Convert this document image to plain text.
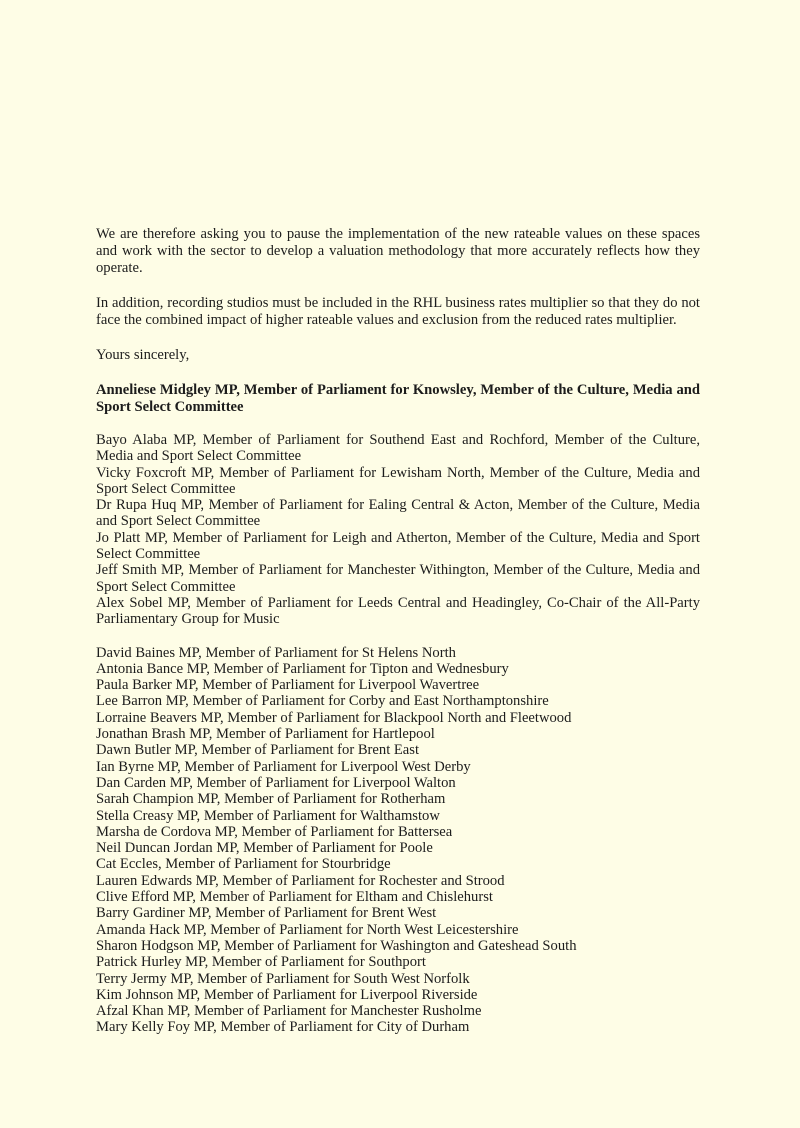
We are therefore asking you to pause the implementation of the new rateable values on these spaces and work with the sector to develop a valuation methodology that more accurately reflects how they operate.

In addition, recording studios must be included in the RHL business rates multiplier so that they do not face the combined impact of higher rateable values and exclusion from the reduced rates multiplier.

Yours sincerely,

Anneliese Midgley MP, Member of Parliament for Knowsley, Member of the Culture, Media and Sport Select Committee

Bayo Alaba MP, Member of Parliament for Southend East and Rochford, Member of the Culture, Media and Sport Select Committee
Vicky Foxcroft MP, Member of Parliament for Lewisham North, Member of the Culture, Media and Sport Select Committee
Dr Rupa Huq MP, Member of Parliament for Ealing Central & Acton, Member of the Culture, Media and Sport Select Committee
Jo Platt MP, Member of Parliament for Leigh and Atherton, Member of the Culture, Media and Sport Select Committee
Jeff Smith MP, Member of Parliament for Manchester Withington, Member of the Culture, Media and Sport Select Committee
Alex Sobel MP, Member of Parliament for Leeds Central and Headingley, Co-Chair of the All-Party Parliamentary Group for Music
David Baines MP, Member of Parliament for St Helens North
Antonia Bance MP, Member of Parliament for Tipton and Wednesbury
Paula Barker MP, Member of Parliament for Liverpool Wavertree
Lee Barron MP, Member of Parliament for Corby and East Northamptonshire
Lorraine Beavers MP, Member of Parliament for Blackpool North and Fleetwood
Jonathan Brash MP, Member of Parliament for Hartlepool
Dawn Butler MP, Member of Parliament for Brent East
Ian Byrne MP, Member of Parliament for Liverpool West Derby
Dan Carden MP, Member of Parliament for Liverpool Walton
Sarah Champion MP, Member of Parliament for Rotherham
Stella Creasy MP, Member of Parliament for Walthamstow
Marsha de Cordova MP, Member of Parliament for Battersea
Neil Duncan Jordan MP, Member of Parliament for Poole
Cat Eccles, Member of Parliament for Stourbridge
Lauren Edwards MP, Member of Parliament for Rochester and Strood
Clive Efford MP, Member of Parliament for Eltham and Chislehurst
Barry Gardiner MP, Member of Parliament for Brent West
Amanda Hack MP, Member of Parliament for North West Leicestershire
Sharon Hodgson MP, Member of Parliament for Washington and Gateshead South
Patrick Hurley MP, Member of Parliament for Southport
Terry Jermy MP, Member of Parliament for South West Norfolk
Kim Johnson MP, Member of Parliament for Liverpool Riverside
Afzal Khan MP, Member of Parliament for Manchester Rusholme
Mary Kelly Foy MP, Member of Parliament for City of Durham
